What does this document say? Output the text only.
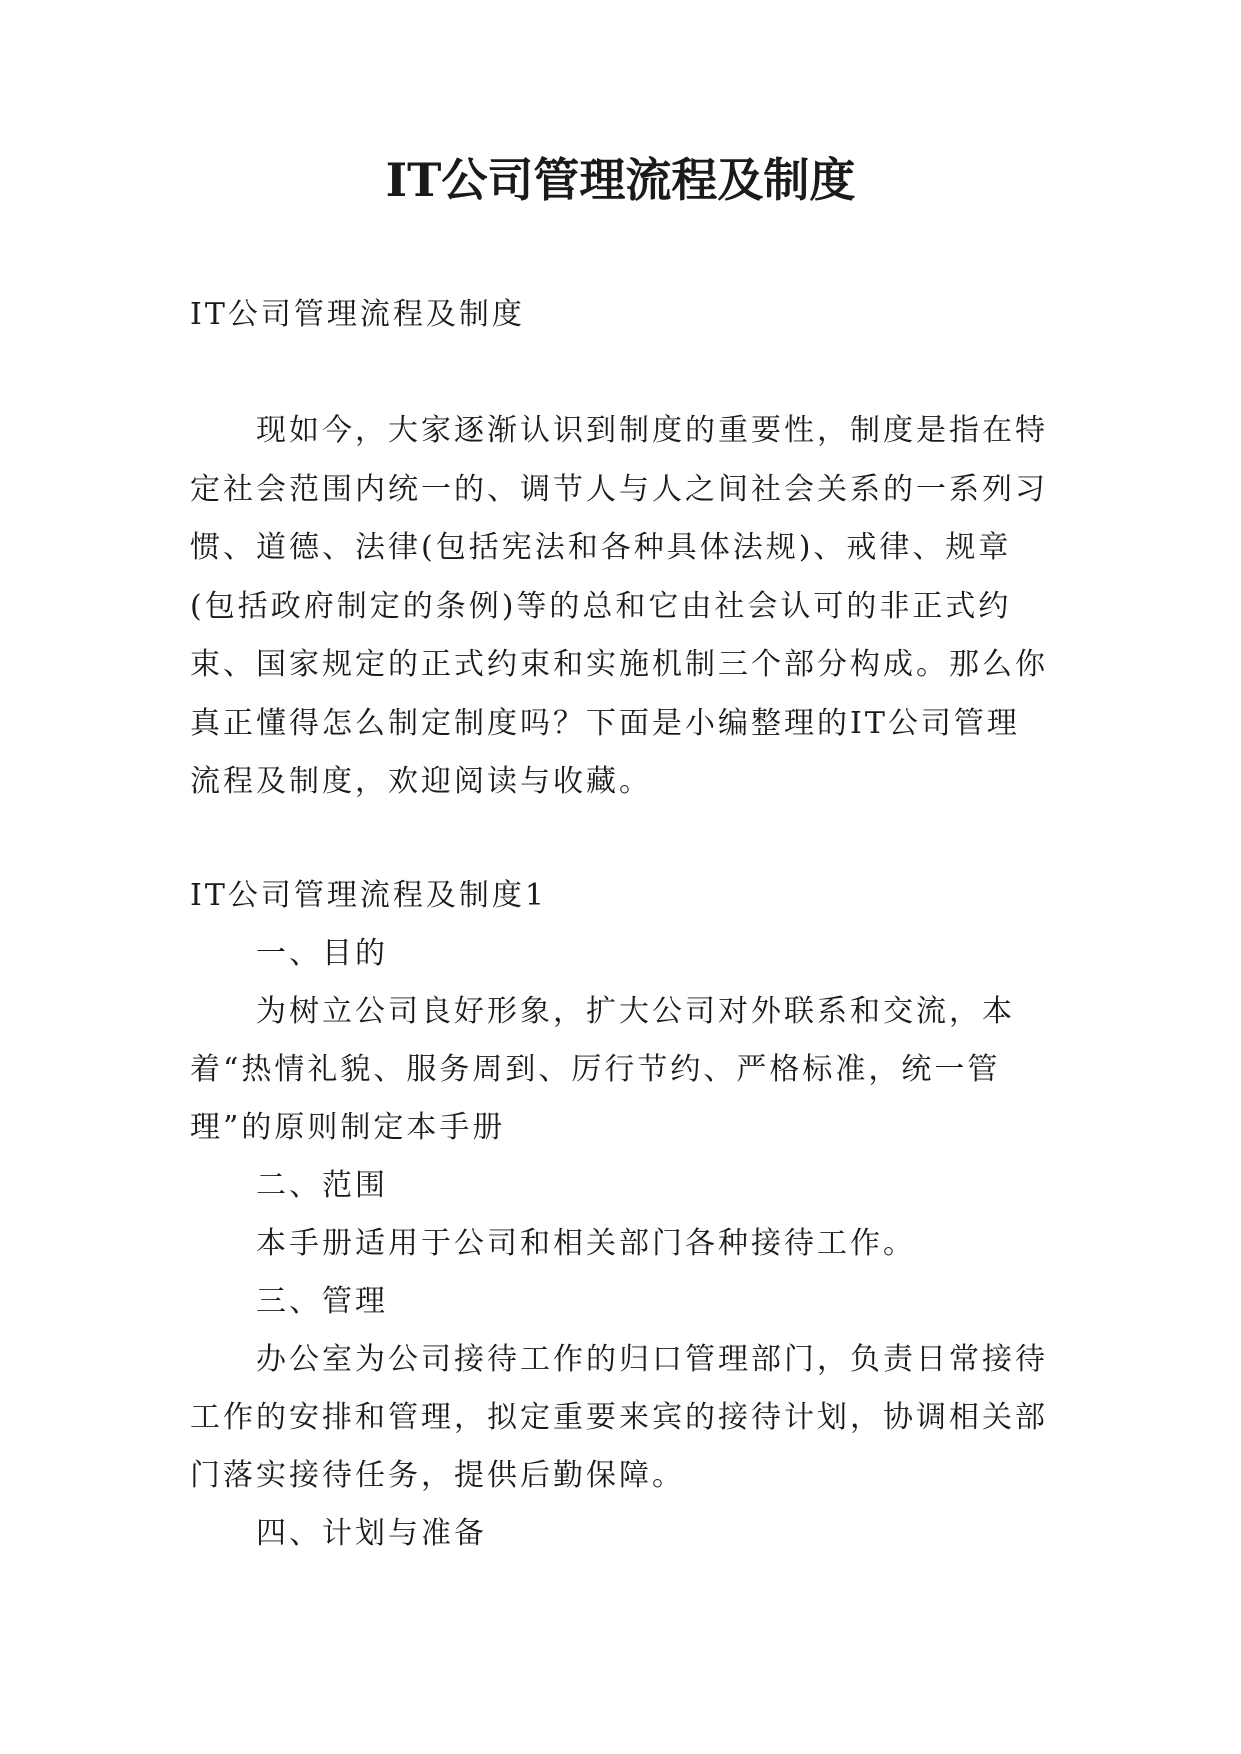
IT公司管理流程及制度

IT公司管理流程及制度

现如今，大家逐渐认识到制度的重要性，制度是指在特定社会范围内统一的、调节人与人之间社会关系的一系列习惯、道德、法律(包括宪法和各种具体法规)、戒律、规章(包括政府制定的条例)等的总和它由社会认可的非正式约束、国家规定的正式约束和实施机制三个部分构成。那么你真正懂得怎么制定制度吗？下面是小编整理的IT公司管理流程及制度，欢迎阅读与收藏。

IT公司管理流程及制度1

一、目的

为树立公司良好形象，扩大公司对外联系和交流，本着“热情礼貌、服务周到、厉行节约、严格标准，统一管理”的原则制定本手册

二、范围

本手册适用于公司和相关部门各种接待工作。

三、管理

办公室为公司接待工作的归口管理部门，负责日常接待工作的安排和管理，拟定重要来宾的接待计划，协调相关部门落实接待任务，提供后勤保障。

四、计划与准备
